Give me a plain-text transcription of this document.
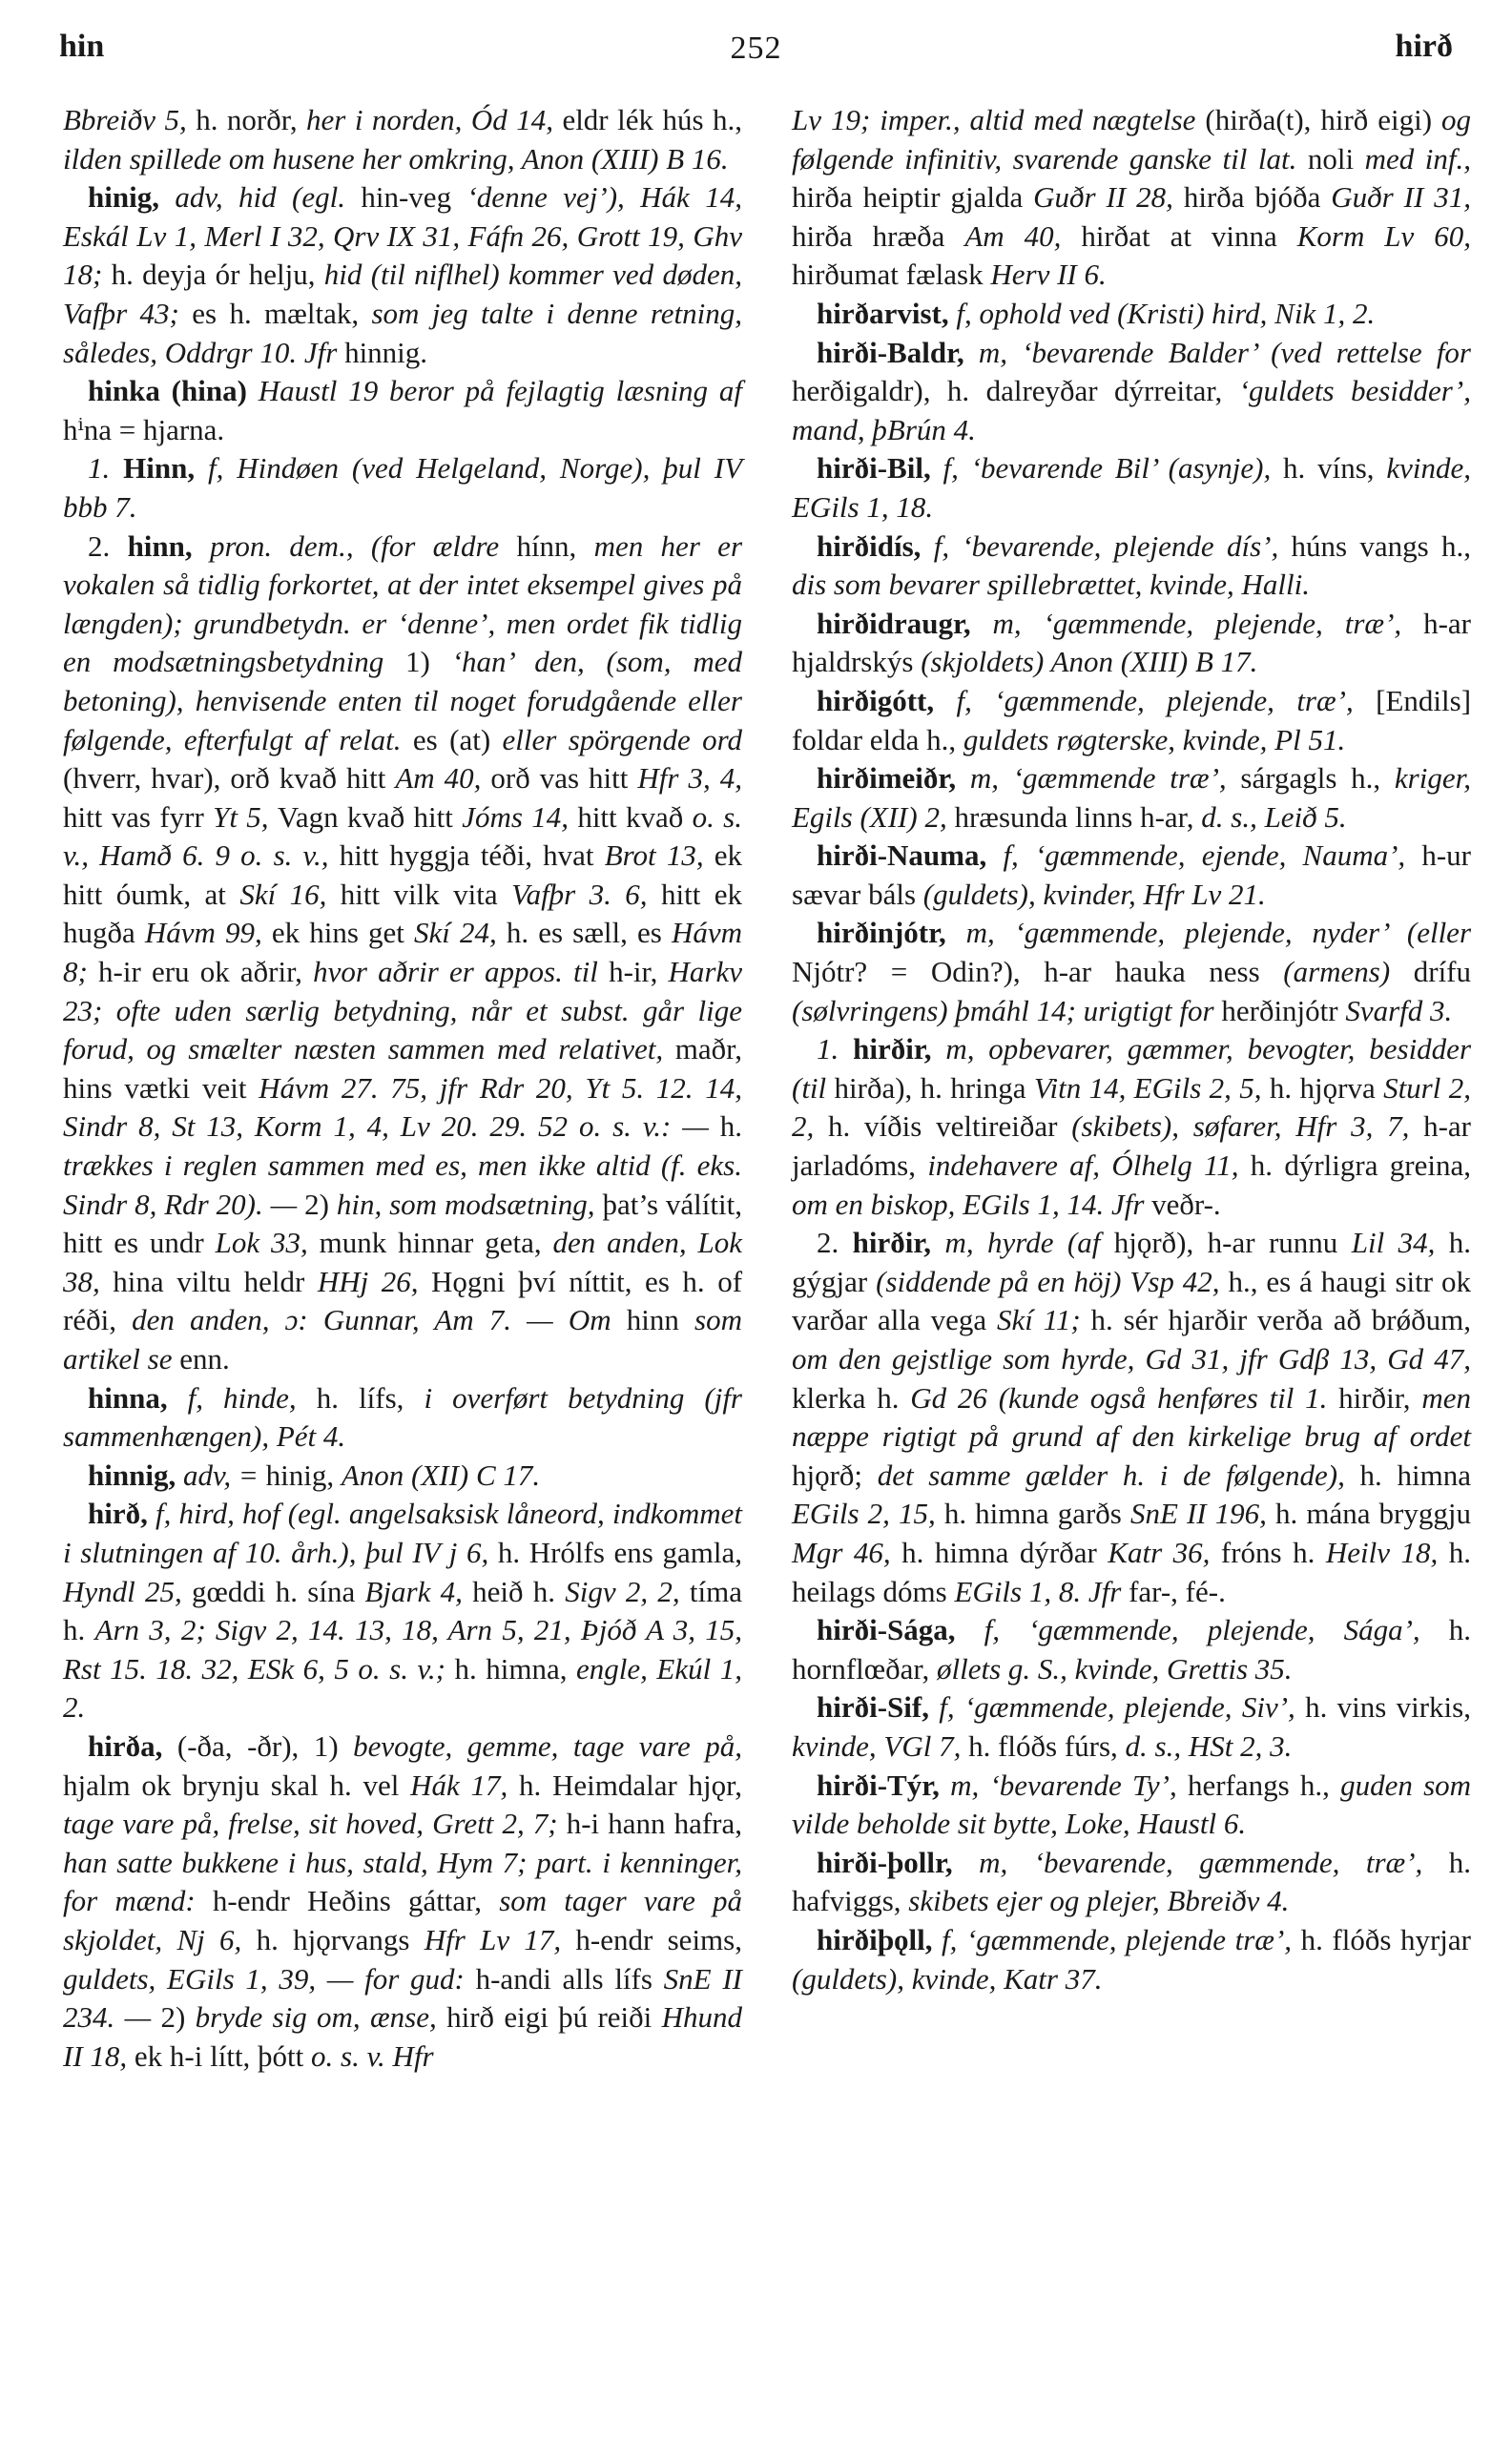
hin	252	hirð

Bbreiðv 5, h. norðr, her i norden, Ód 14, eldr lék hús h., ilden spillede om husene her omkring, Anon (XIII) B 16.

hinig, adv, hid (egl. hin-veg ‘denne vej’), Hák 14, Eskál Lv 1, Merl I 32, Qrv IX 31, Fáfn 26, Grott 19, Ghv 18; h. deyja ór helju, hid (til niflhel) kommer ved døden, Vafþr 43; es h. mæltak, som jeg talte i denne retning, således, Oddrgr 10. Jfr hinnig.

hinka (hina) Haustl 19 beror på fejlagtig læsning af hⁱna = hjarna.

1. Hinn, f, Hindøen (ved Helgeland, Norge), þul IV bbb 7.

2. hinn, pron. dem., (for ældre hínn, men her er vokalen så tidlig forkortet, at der intet eksempel gives på længden); grundbetydn. er ‘denne’, men ordet fik tidlig en modsætningsbetydning 1) ‘han’ den, (som, med betoning), henvisende enten til noget forudgående eller følgende, efterfulgt af relat. es (at) eller spörgende ord (hverr, hvar), orð kvað hitt Am 40, orð vas hitt Hfr 3, 4, hitt vas fyrr Yt 5, Vagn kvað hitt Jóms 14, hitt kvað o. s. v., Hamð 6. 9 o. s. v., hitt hyggja téði, hvat Brot 13, ek hitt óumk, at Skí 16, hitt vilk vita Vafþr 3. 6, hitt ek hugða Hávm 99, ek hins get Skí 24, h. es sæll, es Hávm 8; h-ir eru ok aðrir, hvor aðrir er appos. til h-ir, Harkv 23; ofte uden særlig betydning, når et subst. går lige forud, og smælter næsten sammen med relativet, maðr, hins vætki veit Hávm 27. 75, jfr Rdr 20, Yt 5. 12. 14, Sindr 8, St 13, Korm 1, 4, Lv 20. 29. 52 o. s. v.: — h. trækkes i reglen sammen med es, men ikke altid (f. eks. Sindr 8, Rdr 20). — 2) hin, som modsætning, þat’s válítit, hitt es undr Lok 33, munk hinnar geta, den anden, Lok 38, hina viltu heldr HHj 26, Hǫgni því níttit, es h. of réði, den anden, ɔ: Gunnar, Am 7. — Om hinn som artikel se enn.

hinna, f, hinde, h. lífs, i overført betydning (jfr sammenhængen), Pét 4.

hinnig, adv, = hinig, Anon (XII) C 17.

hirð, f, hird, hof (egl. angelsaksisk låneord, indkommet i slutningen af 10. årh.), þul IV j 6, h. Hrólfs ens gamla, Hyndl 25, gœddi h. sína Bjark 4, heið h. Sigv 2, 2, tíma h. Arn 3, 2; Sigv 2, 14. 13, 18, Arn 5, 21, Þjóð A 3, 15, Rst 15. 18. 32, ESk 6, 5 o. s. v.; h. himna, engle, Ekúl 1, 2.

hirða, (-ða, -ðr), 1) bevogte, gemme, tage vare på, hjalm ok brynju skal h. vel Hák 17, h. Heimdalar hjǫr, tage vare på, frelse, sit hoved, Grett 2, 7; h-i hann hafra, han satte bukkene i hus, stald, Hym 7; part. i kenninger, for mænd: h-endr Heðins gáttar, som tager vare på skjoldet, Nj 6, h. hjǫrvangs Hfr Lv 17, h-endr seims, guldets, EGils 1, 39, — for gud: h-andi alls lífs SnE II 234. — 2) bryde sig om, ænse, hirð eigi þú reiði Hhund II 18, ek h-i lítt, þótt o. s. v. Hfr

Lv 19; imper., altid med nægtelse (hirða(t), hirð eigi) og følgende infinitiv, svarende ganske til lat. noli med inf., hirða heiptir gjalda Guðr II 28, hirða bjóða Guðr II 31, hirða hræða Am 40, hirðat at vinna Korm Lv 60, hirðumat fælask Herv II 6.

hirðarvist, f, ophold ved (Kristi) hird, Nik 1, 2.

hirði-Baldr, m, ‘bevarende Balder’ (ved rettelse for herðigaldr), h. dalreyðar dýrreitar, ‘guldets besidder’, mand, þBrún 4.

hirði-Bil, f, ‘bevarende Bil’ (asynje), h. víns, kvinde, EGils 1, 18.

hirðidís, f, ‘bevarende, plejende dís’, húns vangs h., dis som bevarer spillebrættet, kvinde, Halli.

hirðidraugr, m, ‘gæmmende, plejende, træ’, h-ar hjaldrskýs (skjoldets) Anon (XIII) B 17.

hirðigótt, f, ‘gæmmende, plejende, træ’, [Endils] foldar elda h., guldets røgterske, kvinde, Pl 51.

hirðimeiðr, m, ‘gæmmende træ’, sárgagls h., kriger, Egils (XII) 2, hræsunda linns h-ar, d. s., Leið 5.

hirði-Nauma, f, ‘gæmmende, ejende, Nauma’, h-ur sævar báls (guldets), kvinder, Hfr Lv 21.

hirðinjótr, m, ‘gæmmende, plejende, nyder’ (eller Njótr? = Odin?), h-ar hauka ness (armens) drífu (sølvringens) þmáhl 14; urigtigt for herðinjótr Svarfd 3.

1. hirðir, m, opbevarer, gæmmer, bevogter, besidder (til hirða), h. hringa Vitn 14, EGils 2, 5, h. hjǫrva Sturl 2, 2, h. víðis veltireiðar (skibets), søfarer, Hfr 3, 7, h-ar jarladóms, indehavere af, Ólhelg 11, h. dýrligra greina, om en biskop, EGils 1, 14. Jfr veðr-.

2. hirðir, m, hyrde (af hjǫrð), h-ar runnu Lil 34, h. gýgjar (siddende på en höj) Vsp 42, h., es á haugi sitr ok varðar alla vega Skí 11; h. sér hjarðir verða að brǿðum, om den gejstlige som hyrde, Gd 31, jfr Gdβ 13, Gd 47, klerka h. Gd 26 (kunde også henføres til 1. hirðir, men næppe rigtigt på grund af den kirkelige brug af ordet hjǫrð; det samme gælder h. i de følgende), h. himna EGils 2, 15, h. himna garðs SnE II 196, h. mána bryggju Mgr 46, h. himna dýrðar Katr 36, fróns h. Heilv 18, h. heilags dóms EGils 1, 8. Jfr far-, fé-.

hirði-Sága, f, ‘gæmmende, plejende, Sága’, h. hornflœðar, øllets g. S., kvinde, Grettis 35.

hirði-Sif, f, ‘gæmmende, plejende, Siv’, h. vins virkis, kvinde, VGl 7, h. flóðs fúrs, d. s., HSt 2, 3.

hirði-Týr, m, ‘bevarende Ty’, herfangs h., guden som vilde beholde sit bytte, Loke, Haustl 6.

hirði-þollr, m, ‘bevarende, gæmmende, træ’, h. hafviggs, skibets ejer og plejer, Bbreiðv 4.

hirðiþǫll, f, ‘gæmmende, plejende træ’, h. flóðs hyrjar (guldets), kvinde, Katr 37.
